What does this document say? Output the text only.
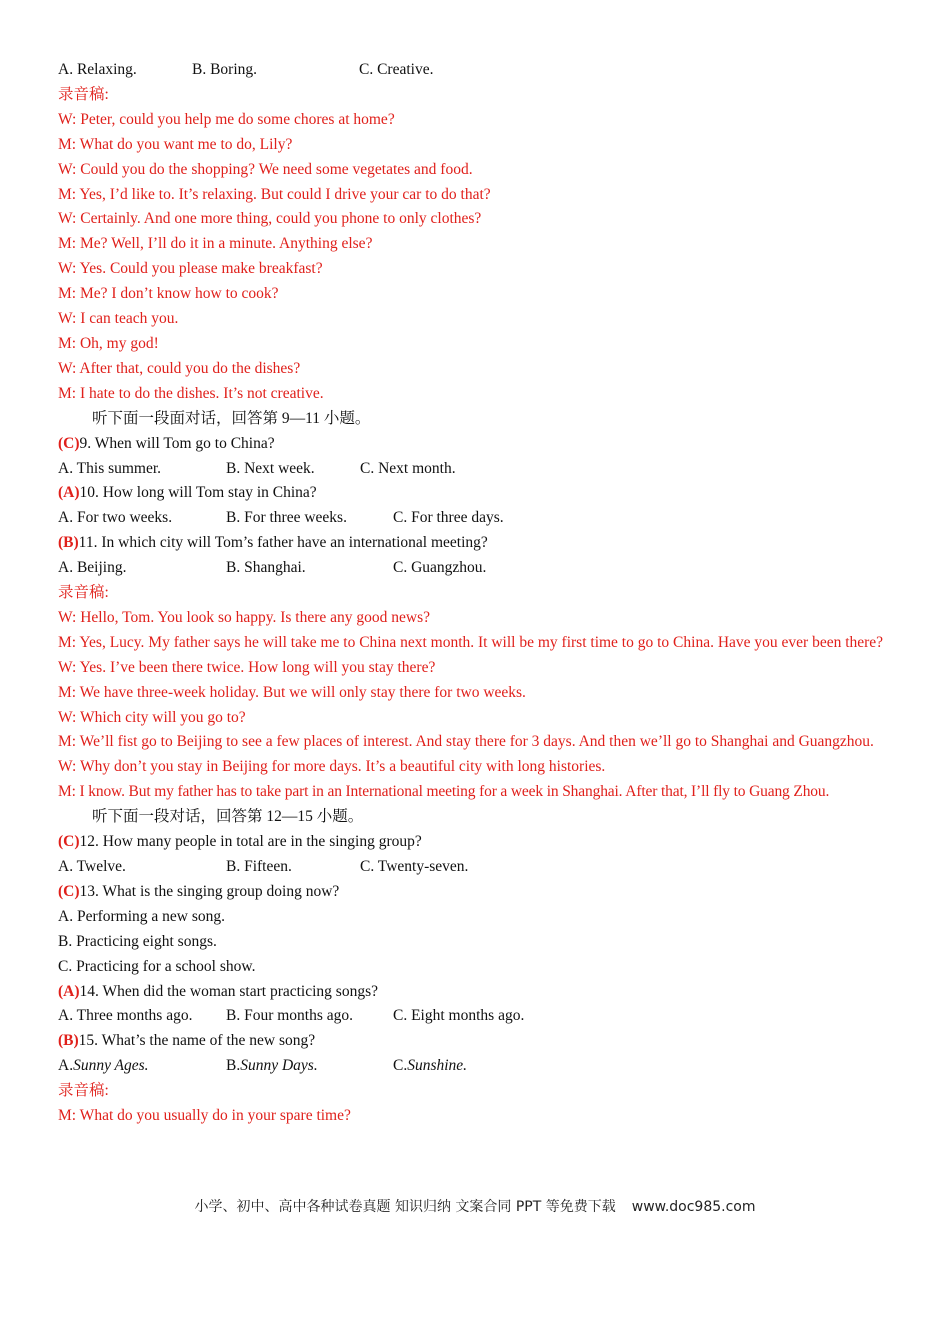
A. Relaxing.	B. Boring.	C. Creative.
录音稿:
W: Peter, could you help me do some chores at home?
M: What do you want me to do, Lily?
W: Could you do the shopping? We need some vegetates and food.
M: Yes, I’d like to. It’s relaxing. But could I drive your car to do that?
W: Certainly. And one more thing, could you phone to only clothes?
M: Me? Well, I’ll do it in a minute. Anything else?
W: Yes. Could you please make breakfast?
M: Me? I don’t know how to cook?
W: I can teach you.
M: Oh, my god!
W: After that, could you do the dishes?
M: I hate to do the dishes. It’s not creative.
听下面一段面对话，回答第 9—11 小题。
(C)9. When will Tom go to China?
A. This summer.	B. Next week.	C. Next month.
(A)10. How long will Tom stay in China?
A. For two weeks.	B. For three weeks.	C. For three days.
(B)11. In which city will Tom’s father have an international meeting?
A. Beijing.	B. Shanghai.	C. Guangzhou.
录音稿:
W: Hello, Tom. You look so happy. Is there any good news?
M: Yes, Lucy. My father says he will take me to China next month. It will be my first time to go to China. Have you ever been there?
W: Yes. I’ve been there twice. How long will you stay there?
M: We have three-week holiday. But we will only stay there for two weeks.
W: Which city will you go to?
M: We’ll fist go to Beijing to see a few places of interest. And stay there for 3 days. And then we’ll go to Shanghai and Guangzhou.
W: Why don’t you stay in Beijing for more days. It’s a beautiful city with long histories.
M: I know. But my father has to take part in an International meeting for a week in Shanghai. After that, I’ll fly to Guang Zhou.
听下面一段对话，回答第 12—15 小题。
(C)12. How many people in total are in the singing group?
A. Twelve.	B. Fifteen.	C. Twenty-seven.
(C)13. What is the singing group doing now?
A. Performing a new song.
B. Practicing eight songs.
C. Practicing for a school show.
(A)14. When did the woman start practicing songs?
A. Three months ago. B. Four months ago.	C. Eight months ago.
(B)15. What’s the name of the new song?
A.Sunny Ages.	B.Sunny Days.	C.Sunshine.
录音稿:
M: What do you usually do in your spare time?
小学、初中、高中各种试卷真题 知识归纳 文案合同 PPT 等免费下载 www.doc985.com
